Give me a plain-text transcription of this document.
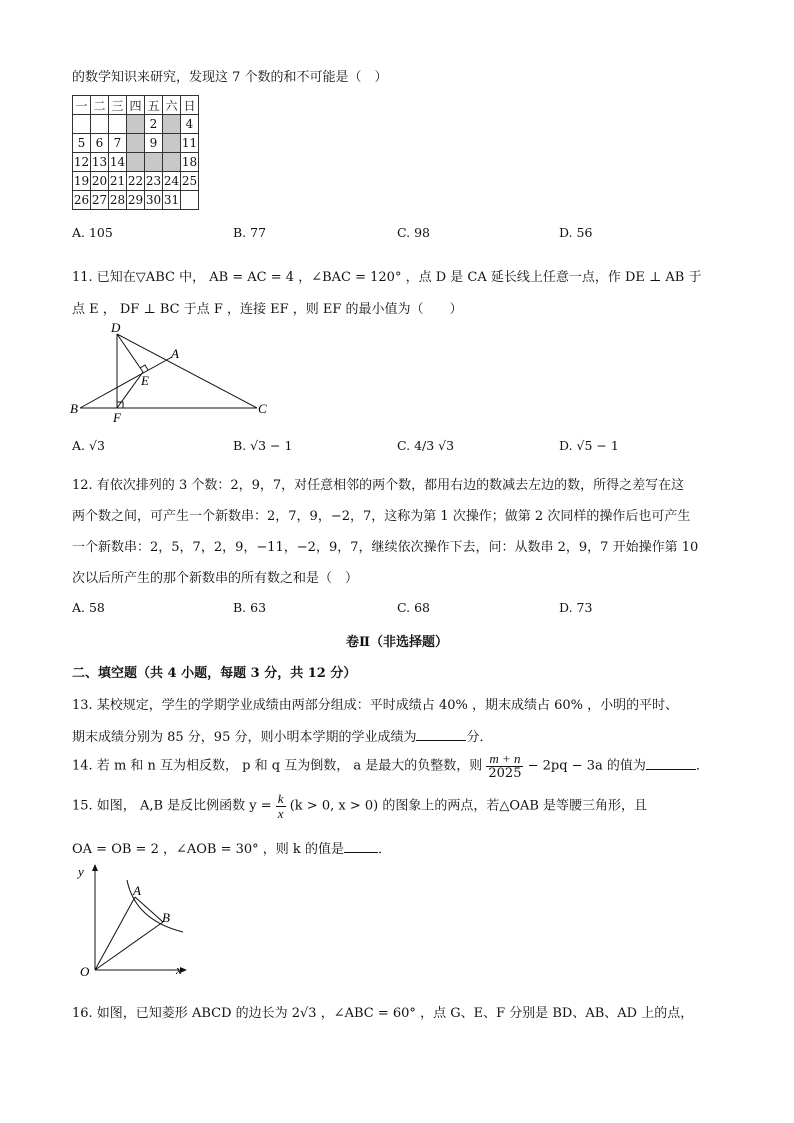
的数学知识来研究，发现这 7 个数的和不可能是（　）
一	二	三	四	五	六	日
				2		4
5	6	7		9		11
12	13	14				18
19	20	21	22	23	24	25
26	27	28	29	30	31	
A. 105	B. 77	C. 98	D. 56
11. 已知在▽ABC 中， AB = AC = 4 ，∠BAC = 120° ，点 D 是 CA 延长线上任意一点，作 DE ⊥ AB 于
点 E ， DF ⊥ BC 于点 F ，连接 EF ，则 EF 的最小值为（　　）
D
A
E
B
F
C
A. √3	B. √3 − 1	C. 4/3 √3	D. √5 − 1
12. 有依次排列的 3 个数：2，9，7，对任意相邻的两个数，都用右边的数减去左边的数，所得之差写在这
两个数之间，可产生一个新数串：2，7，9，−2，7，这称为第 1 次操作；做第 2 次同样的操作后也可产生
一个新数串：2，5，7，2，9，−11，−2，9，7，继续依次操作下去，问：从数串 2，9，7 开始操作第 10
次以后所产生的那个新数串的所有数之和是（　）
A. 58	B. 63	C. 68	D. 73
卷Ⅱ（非选择题）
二、填空题（共 4 小题，每题 3 分，共 12 分）
13. 某校规定，学生的学期学业成绩由两部分组成：平时成绩占 40% ，期末成绩占 60% ，小明的平时、
期末成绩分别为 85 分，95 分，则小明本学期的学业成绩为	分．
14. 若 m 和 n 互为相反数， p 和 q 互为倒数， a 是最大的负整数，则 $\frac{m + n}{2025} - 2pq - 3a$ 的值为	．
15. 如图， A,B 是反比例函数 $y = \frac{k}{x} (k > 0$, x > 0) 的图象上的两点，若△OAB 是等腰三角形，且
OA = OB = 2 ，∠AOB = 30° ，则 k 的值是	．
y
A
B
O	x
16. 如图，已知菱形 ABCD 的边长为 2√3 ，∠ABC = 60° ，点 G、E、F 分别是 BD、AB、AD 上的点，
